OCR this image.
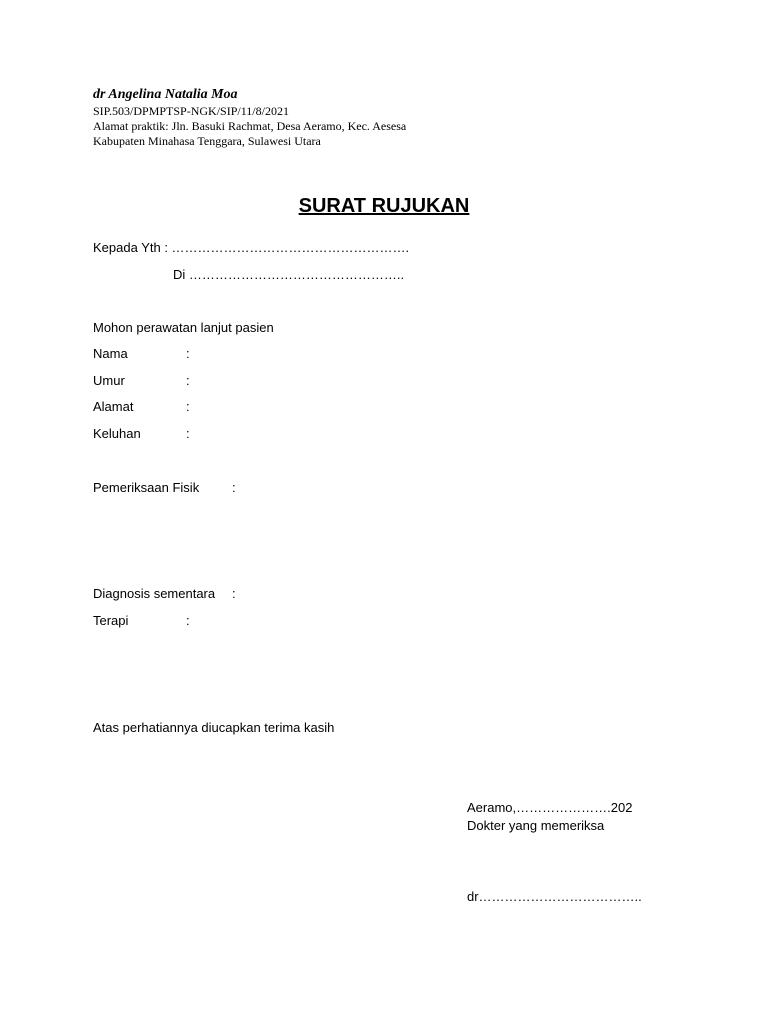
dr Angelina Natalia Moa
SIP.503/DPMPTSP-NGK/SIP/11/8/2021
Alamat praktik: Jln. Basuki Rachmat, Desa Aeramo, Kec. Aesesa
Kabupaten Minahasa Tenggara, Sulawesi Utara
SURAT RUJUKAN
Kepada Yth : ……………………………………………….
Di …………………………………………..
Mohon perawatan lanjut pasien
Nama	:
Umur	:
Alamat	:
Keluhan	:
Pemeriksaan Fisik	:
Diagnosis sementara :
Terapi	:
Atas perhatiannya diucapkan terima kasih
Aeramo,………………….202
Dokter yang memeriksa
dr………………………………..
